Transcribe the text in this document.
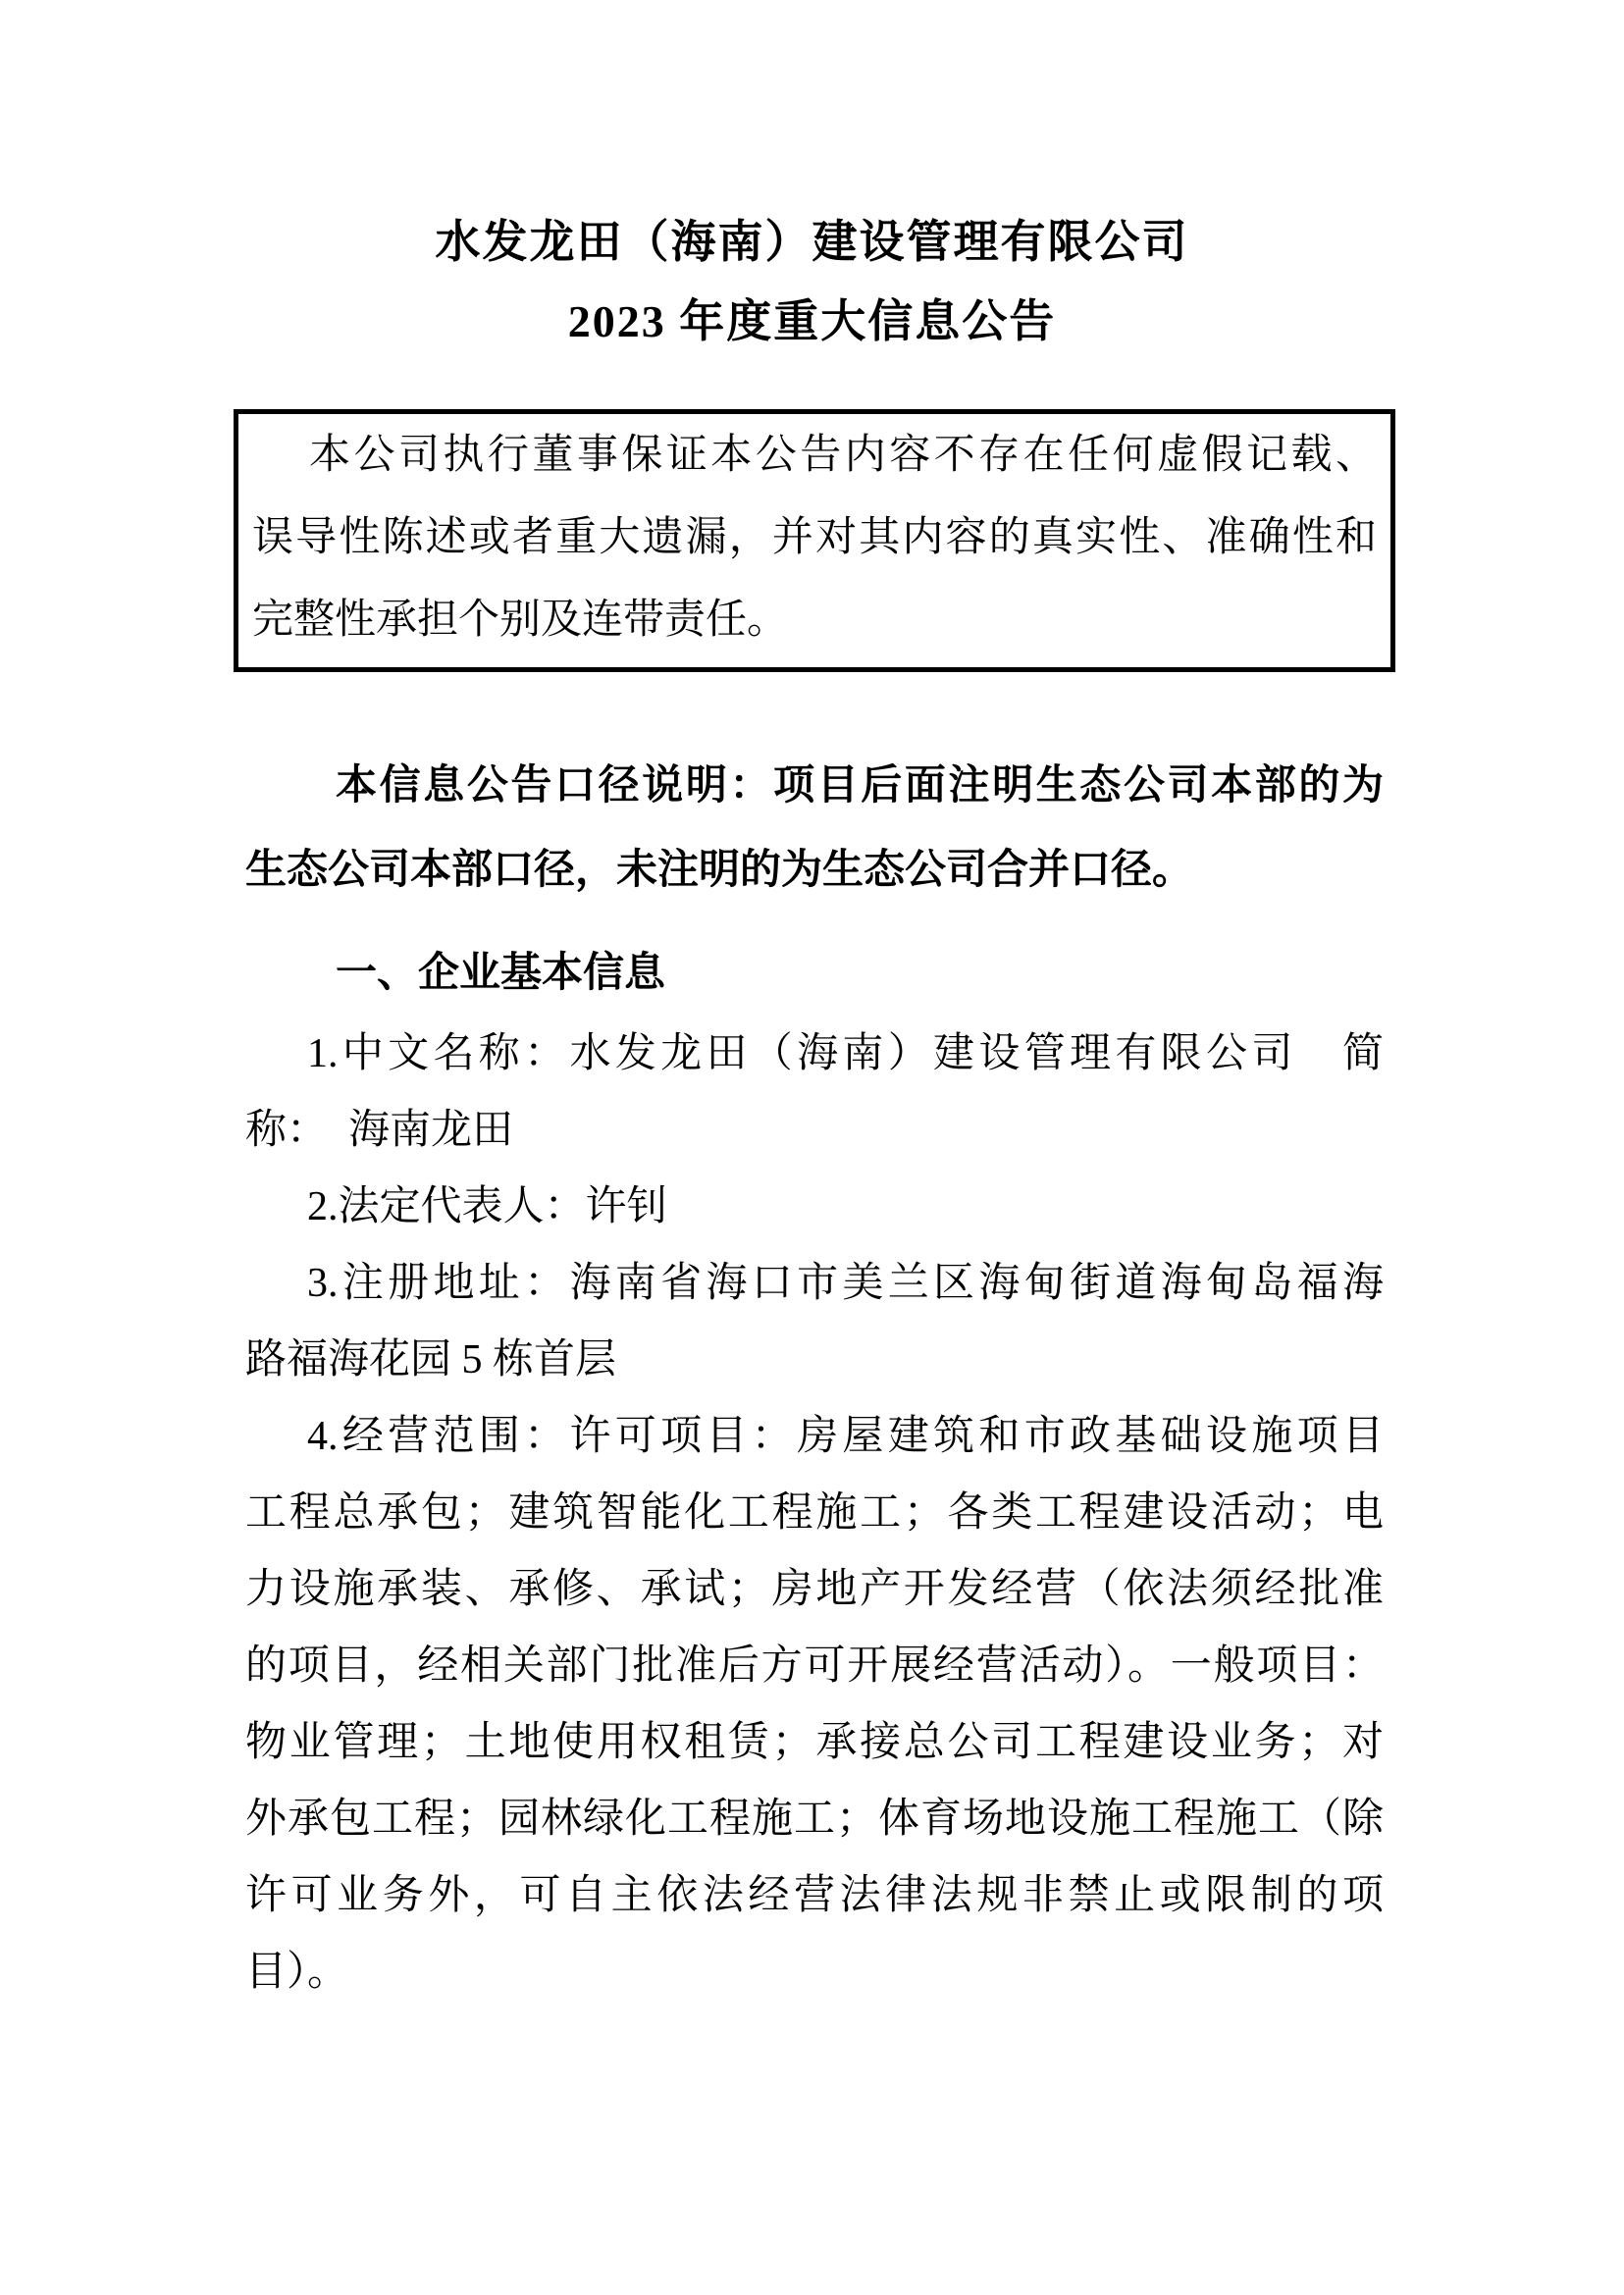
水发龙田（海南）建设管理有限公司
2023 年度重大信息公告
本公司执行董事保证本公告内容不存在任何虚假记载、
误导性陈述或者重大遗漏，并对其内容的真实性、准确性和
完整性承担个别及连带责任。
本信息公告口径说明：项目后面注明生态公司本部的为
生态公司本部口径，未注明的为生态公司合并口径。
一、企业基本信息
1.中文名称：水发龙田（海南）建设管理有限公司　简
称：　海南龙田
2.法定代表人：许钊
3.注册地址：海南省海口市美兰区海甸街道海甸岛福海
路福海花园 5 栋首层
4.经营范围：许可项目：房屋建筑和市政基础设施项目
工程总承包；建筑智能化工程施工；各类工程建设活动；电
力设施承装、承修、承试；房地产开发经营（依法须经批准
的项目，经相关部门批准后方可开展经营活动）。一般项目：
物业管理；土地使用权租赁；承接总公司工程建设业务；对
外承包工程；园林绿化工程施工；体育场地设施工程施工（除
许可业务外，可自主依法经营法律法规非禁止或限制的项
目）。
